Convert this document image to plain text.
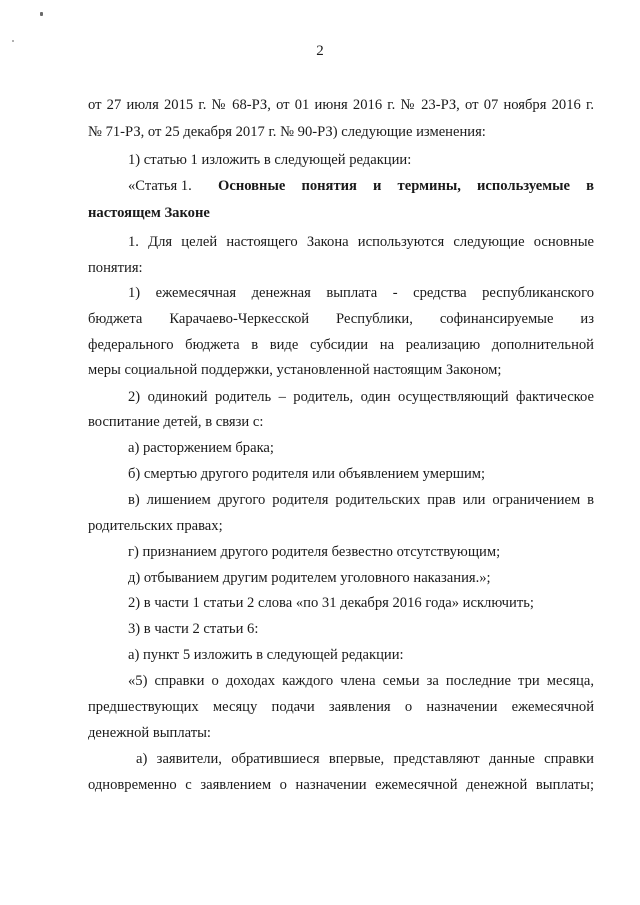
2
от 27 июля 2015 г. № 68-РЗ, от 01 июня 2016 г. № 23-РЗ, от 07 ноября 2016 г.
№ 71-РЗ, от 25 декабря 2017 г. № 90-РЗ) следующие изменения:
1) статью 1 изложить в следующей редакции:
«Статья 1. Основные понятия и термины, используемые в
настоящем Законе
1. Для целей настоящего Закона используются следующие основные
понятия:
1) ежемесячная денежная выплата - средства республиканского
бюджета Карачаево-Черкесской Республики, софинансируемые из
федерального бюджета в виде субсидии на реализацию дополнительной
меры социальной поддержки, установленной настоящим Законом;
2) одинокий родитель – родитель, один осуществляющий фактическое
воспитание детей, в связи с:
а) расторжением брака;
б) смертью другого родителя или объявлением умершим;
в) лишением другого родителя родительских прав или ограничением в
родительских правах;
г) признанием другого родителя безвестно отсутствующим;
д) отбыванием другим родителем уголовного наказания.»;
2) в части 1 статьи 2 слова «по 31 декабря 2016 года» исключить;
3) в части 2 статьи 6:
а) пункт 5 изложить в следующей редакции:
«5) справки о доходах каждого члена семьи за последние три месяца,
предшествующих месяцу подачи заявления о назначении ежемесячной
денежной выплаты:
а) заявители, обратившиеся впервые, представляют данные справки
одновременно с заявлением о назначении ежемесячной денежной выплаты;
